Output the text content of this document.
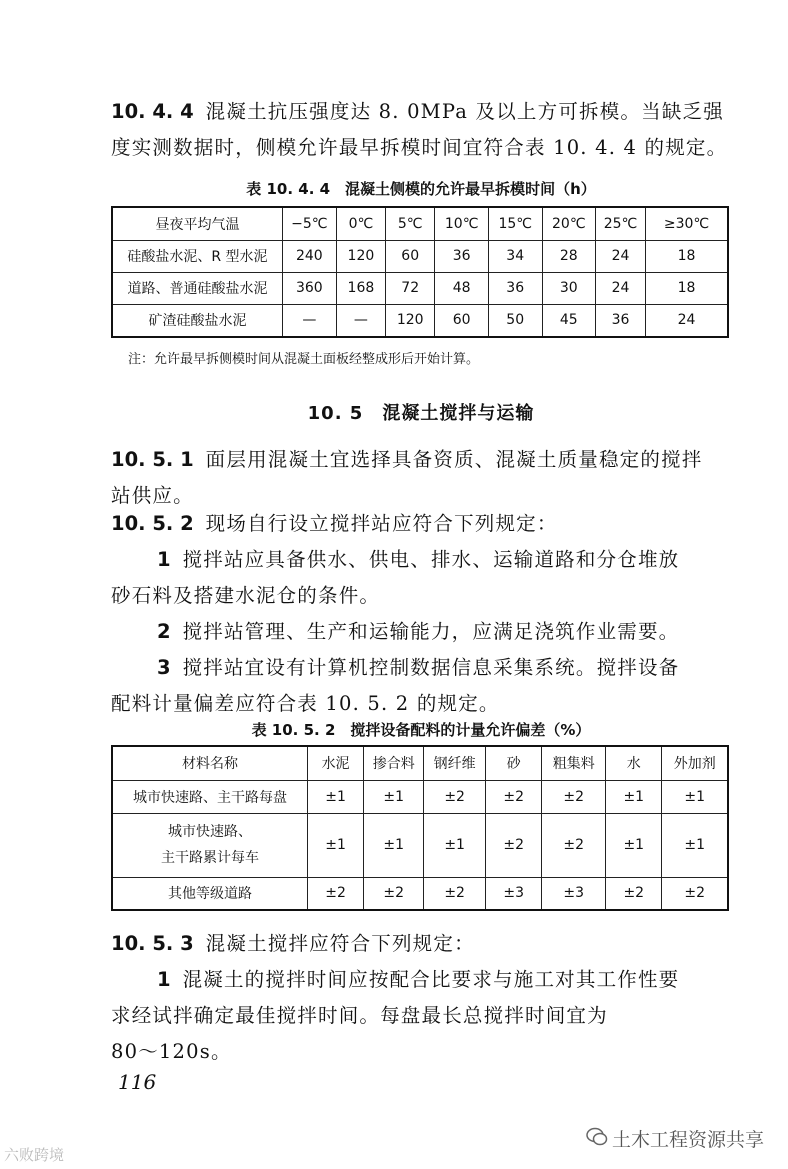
10. 4. 4 混凝土抗压强度达 8. 0MPa 及以上方可拆模。当缺乏强
度实测数据时，侧模允许最早拆模时间宜符合表 10. 4. 4 的规定。
表 10. 4. 4　混凝土侧模的允许最早拆模时间（h）
昼夜平均气温	−5℃	0℃	5℃	10℃	15℃	20℃	25℃	≥30℃
硅酸盐水泥、R 型水泥	240	120	60	36	34	28	24	18
道路、普通硅酸盐水泥	360	168	72	48	36	30	24	18
矿渣硅酸盐水泥	—	—	120	60	50	45	36	24
注：允许最早拆侧模时间从混凝土面板经整成形后开始计算。
10. 5　混凝土搅拌与运输
10. 5. 1 面层用混凝土宜选择具备资质、混凝土质量稳定的搅拌
站供应。
10. 5. 2 现场自行设立搅拌站应符合下列规定：
1 搅拌站应具备供水、供电、排水、运输道路和分仓堆放
砂石料及搭建水泥仓的条件。
2 搅拌站管理、生产和运输能力，应满足浇筑作业需要。
3 搅拌站宜设有计算机控制数据信息采集系统。搅拌设备
配料计量偏差应符合表 10. 5. 2 的规定。
表 10. 5. 2　搅拌设备配料的计量允许偏差（%）
材料名称	水泥	掺合料	钢纤维	砂	粗集料	水	外加剂
城市快速路、主干路每盘	±1	±1	±2	±2	±2	±1	±1

城市快速路、
主干路累计每车	±1	±1	±1	±2	±2	±1	±1
其他等级道路	±2	±2	±2	±3	±3	±2	±2
10. 5. 3 混凝土搅拌应符合下列规定：
1 混凝土的搅拌时间应按配合比要求与施工对其工作性要
求经试拌确定最佳搅拌时间。每盘最长总搅拌时间宜为
80～120s。
116
土木工程资源共享
六败跨境
